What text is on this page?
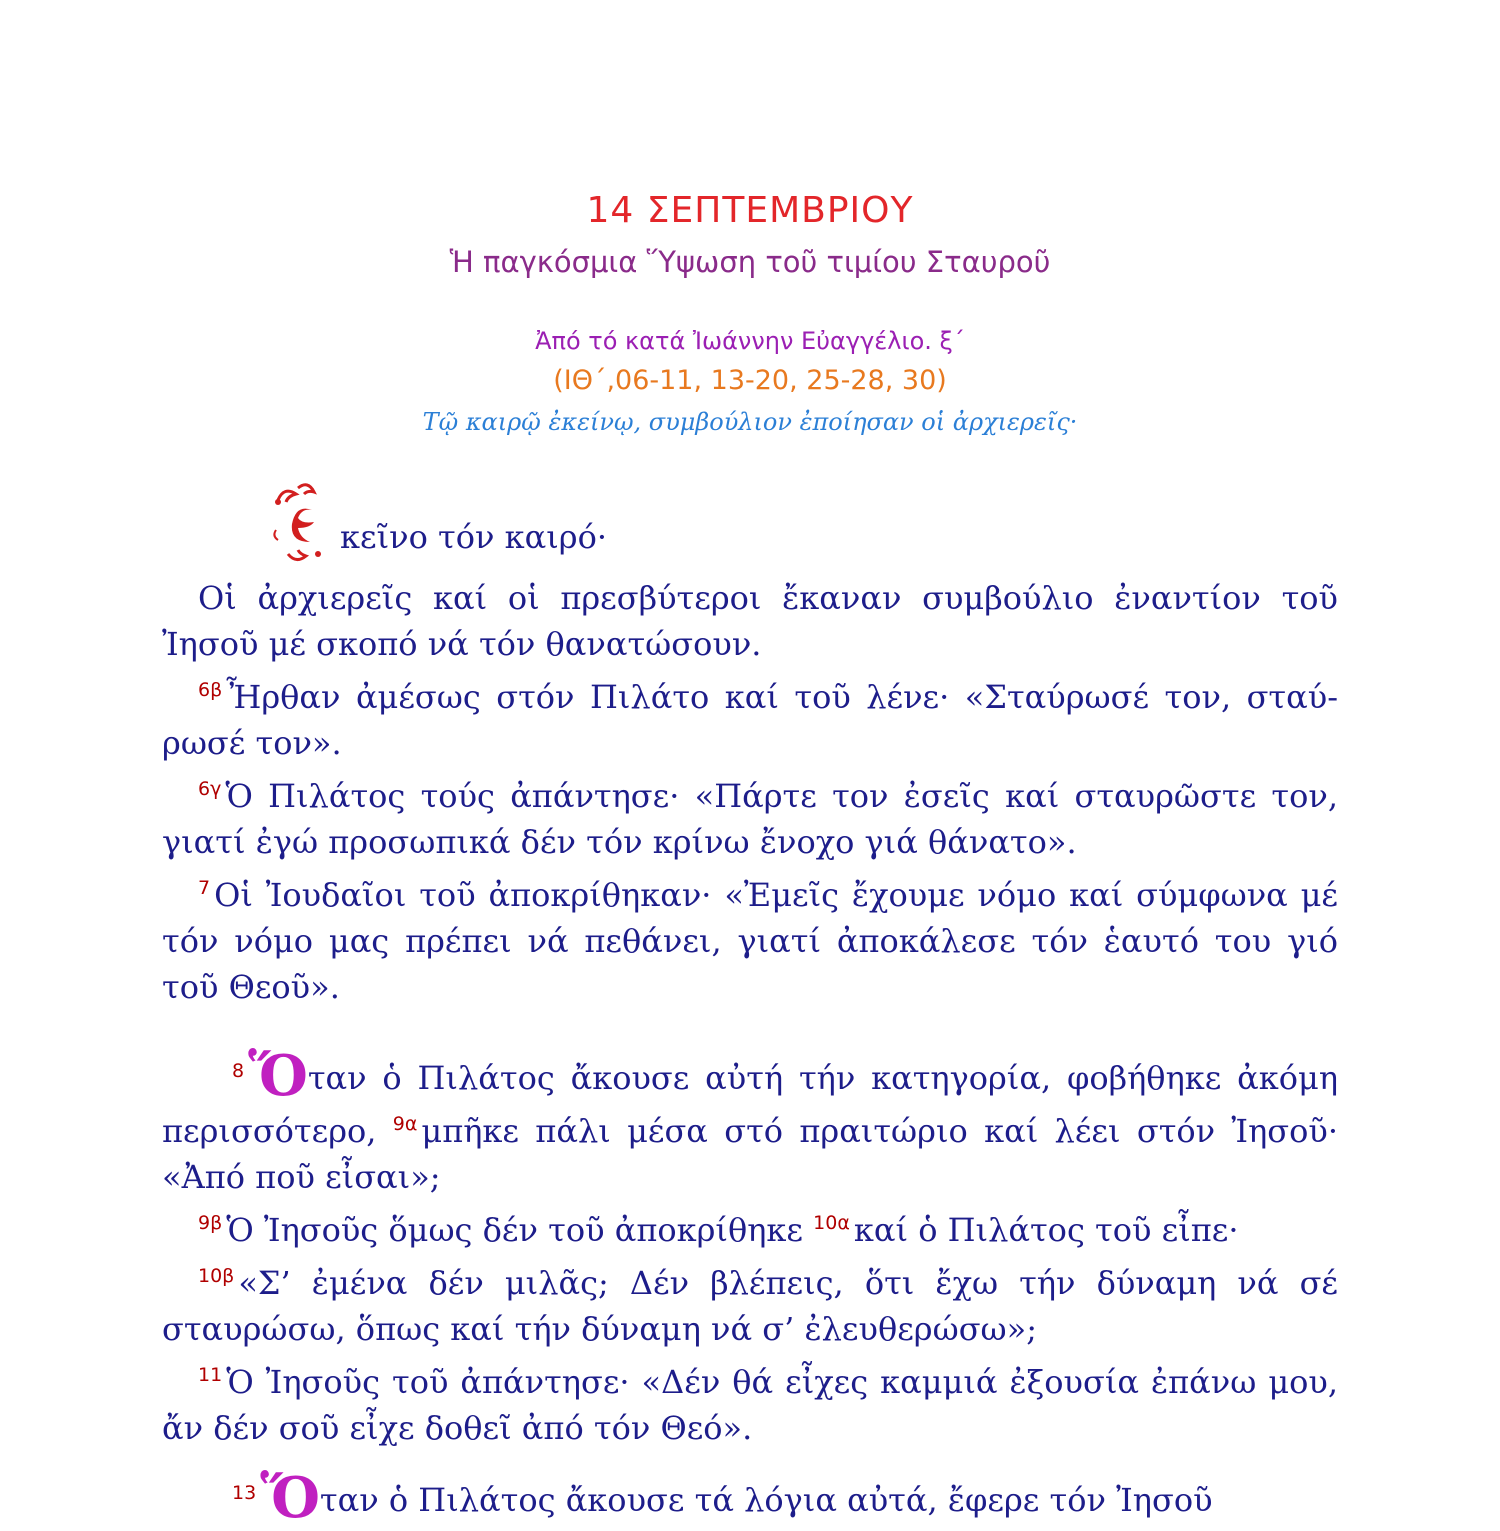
14 ΣΕΠΤΕΜΒΡΙΟΥ
Ἡ παγκόσμια Ὕψωση τοῦ τιμίου Σταυροῦ
Ἀπό τό κατά Ἰωάννην Εὐαγγέλιο. ξ΄
(ΙΘ΄,06-11, 13-20, 25-28, 30)
Τῷ καιρῷ ἐκείνῳ, συμβούλιον ἐποίησαν οἱ ἀρχιερεῖς·
κεῖνο τόν καιρό·
Οἱ ἀρχιερεῖς καί οἱ πρεσβύτεροι ἔκαναν συμβούλιο ἐναντίον τοῦ Ἰησοῦ μέ σκοπό νά τόν θανατώσουν.
$^{6\beta}$ Ἦρθαν ἀμέσως στόν Πιλάτο καί τοῦ λένε· «Σταύρωσέ τον, σταύρωσέ τον».
$^{6\gamma}$ Ὁ Πιλάτος τούς ἀπάντησε· «Πάρτε τον ἐσεῖς καί σταυρῶστε τον, γιατί ἐγώ προσωπικά δέν τόν κρίνω ἔνοχο γιά θάνατο».
$^7$ Οἱ Ἰουδαῖοι τοῦ ἀποκρίθηκαν· «Ἐμεῖς ἔχουμε νόμο καί σύμφωνα μέ τόν νόμο μας πρέπει νά πεθάνει, γιατί ἀποκάλεσε τόν ἑαυτό του γιό τοῦ Θεοῦ».
$^8$Ὅταν ὁ Πιλάτος ἄκουσε αὐτή τήν κατηγορία, φοβήθηκε ἀκόμη περισσότερο, $^{9\alpha}$ μπῆκε πάλι μέσα στό πραιτώριο καί λέει στόν Ἰησοῦ· «Ἀπό ποῦ εἶσαι»;
$^{9\beta}$ Ὁ Ἰησοῦς ὅμως δέν τοῦ ἀποκρίθηκε $^{10\alpha}$ καί ὁ Πιλάτος τοῦ εἶπε·
$^{10\beta}$ «Σ’ ἐμένα δέν μιλᾶς; Δέν βλέπεις, ὅτι ἔχω τήν δύναμη νά σέ σταυρώσω, ὅπως καί τήν δύναμη νά σ’ ἐλευθερώσω»;
$^{11}$ Ὁ Ἰησοῦς τοῦ ἀπάντησε· «Δέν θά εἶχες καμμιά ἐξουσία ἐπάνω μου, ἄν δέν σοῦ εἶχε δοθεῖ ἀπό τόν Θεό».
$^{13}$Ὅταν ὁ Πιλάτος ἄκουσε τά λόγια αὐτά, ἔφερε τόν Ἰησοῦ
